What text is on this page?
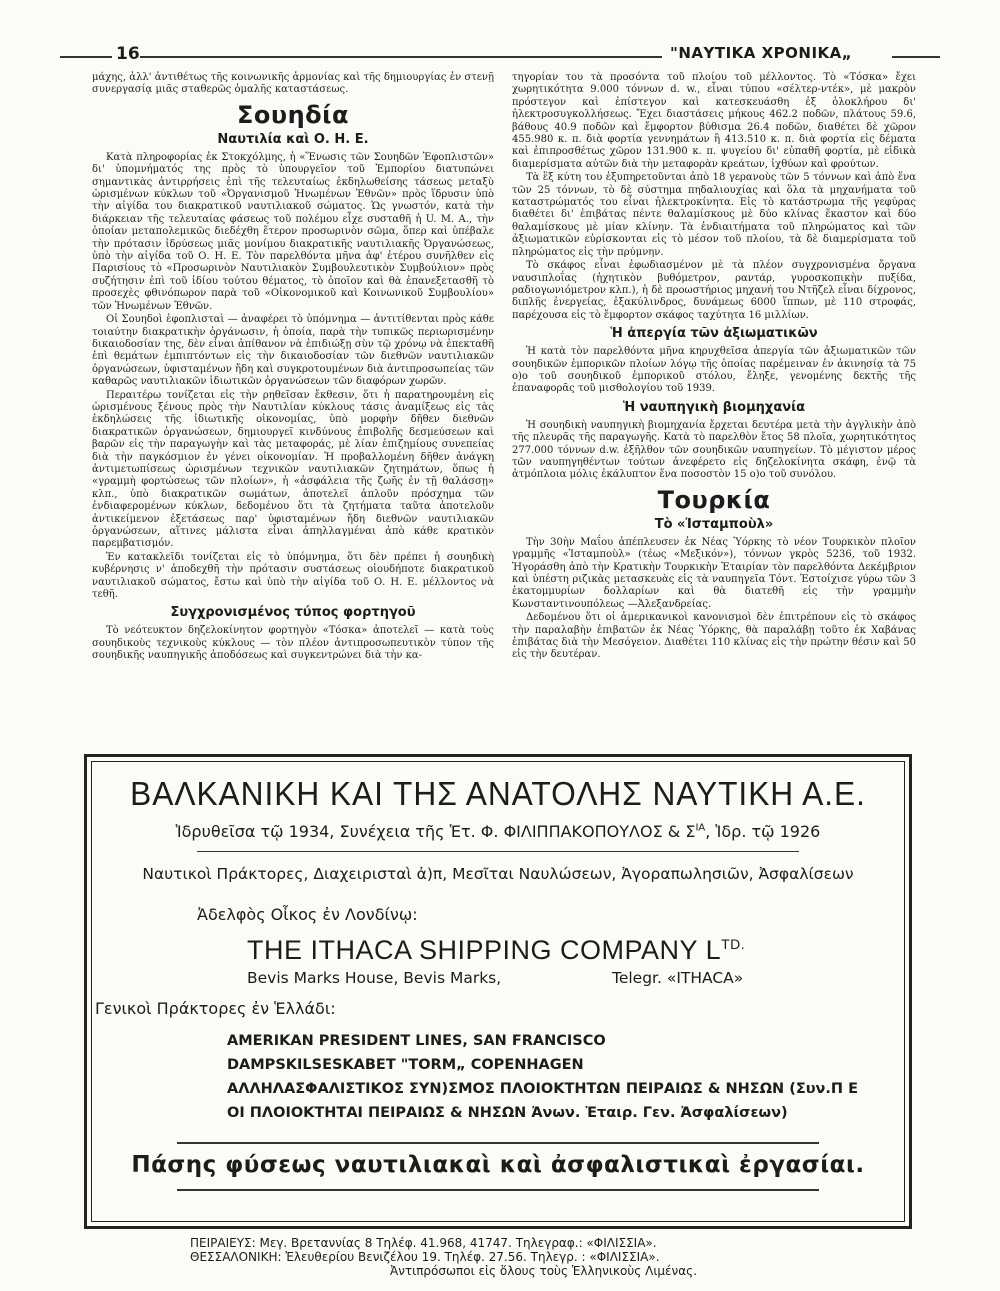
16	"ΝΑΥΤΙΚΑ ΧΡΟΝΙΚΑ„

μάχης, ἀλλ' ἀντιθέτως τῆς κοινωνικῆς ἁρμονίας καὶ τῆς δημιουργίας ἐν στενῇ συνεργασίᾳ μιᾶς σταθερῶς ὁμαλῆς καταστάσεως.

Σουηδία
Ναυτιλία καὶ Ο. Η. Ε.

Κατὰ πληροφορίας ἐκ Στοκχόλμης, ἡ «Ἕνωσις τῶν Σουηδῶν Ἐφοπλιστῶν» δι' ὑπομνήματός της πρὸς τὸ ὑπουργεῖον τοῦ Ἐμπορίου διατυπώνει σημαντικὰς ἀντιρρήσεις ἐπὶ τῆς τελευταίως ἐκδηλωθείσης τάσεως μεταξὺ ὡρισμένων κύκλων τοῦ «Ὀργανισμοῦ Ἡνωμένων Ἐθνῶν» πρὸς ἵδρυσιν ὑπὸ τὴν αἰγίδα του διακρατικοῦ ναυτιλιακοῦ σώματος. Ὡς γνωστόν, κατὰ τὴν διάρκειαν τῆς τελευταίας φάσεως τοῦ πολέμου εἶχε συσταθῆ ἡ U. M. A., τὴν ὁποίαν μεταπολεμικῶς διεδέχθη ἕτερον προσωρινὸν σῶμα, ὅπερ καὶ ὑπέβαλε τὴν πρότασιν ἱδρύσεως μιᾶς μονίμου διακρατικῆς ναυτιλιακῆς Ὀργανώσεως, ὑπὸ τὴν αἰγίδα τοῦ Ο. Η. Ε. Τὸν παρελθόντα μῆνα ἀφ' ἑτέρου συνῆλθεν εἰς Παρισίους τὸ «Προσωρινὸν Ναυτιλιακὸν Συμβουλευτικὸν Συμβούλιον» πρὸς συζήτησιν ἐπὶ τοῦ ἰδίου τούτου θέματος, τὸ ὁποῖον καὶ θὰ ἐπανεξετασθῆ τὸ προσεχὲς φθινόπωρον παρὰ τοῦ «Οἰκονομικοῦ καὶ Κοινωνικοῦ Συμβουλίου» τῶν Ἡνωμένων Ἐθνῶν.

Οἱ Σουηδοὶ ἐφοπλισταὶ — ἀναφέρει τὸ ὑπόμνημα — ἀντιτίθενται πρὸς κάθε τοιαύτην διακρατικὴν ὀργάνωσιν, ἡ ὁποία, παρὰ τὴν τυπικῶς περιωρισμένην δικαιοδοσίαν της, δὲν εἶναι ἀπίθανον νὰ ἐπιδιώξῃ σὺν τῷ χρόνῳ νὰ ἐπεκταθῆ ἐπὶ θεμάτων ἐμπιπτόντων εἰς τὴν δικαιοδοσίαν τῶν διεθνῶν ναυτιλιακῶν ὀργανώσεων, ὑφισταμένων ἤδη καὶ συγκροτουμένων διὰ ἀντιπροσωπείας τῶν καθαρῶς ναυτιλιακῶν ἰδιωτικῶν ὀργανώσεων τῶν διαφόρων χωρῶν.

Περαιτέρω τονίζεται εἰς τὴν ρηθεῖσαν ἔκθεσιν, ὅτι ἡ παρατηρουμένη εἰς ὡρισμένους ξένους πρὸς τὴν Ναυτιλίαν κύκλους τάσις ἀναμίξεως εἰς τὰς ἐκδηλώσεις τῆς ἰδιωτικῆς οἰκονομίας, ὑπὸ μορφὴν δῆθεν διεθνῶν διακρατικῶν ὀργανώσεων, δημιουργεῖ κινδύνους ἐπιβολῆς δεσμεύσεων καὶ βαρῶν εἰς τὴν παραγωγὴν καὶ τὰς μεταφοράς, μὲ λίαν ἐπιζημίους συνεπείας διὰ τὴν παγκόσμιον ἐν γένει οἰκονομίαν. Ἡ προβαλλομένη δῆθεν ἀνάγκη ἀντιμετωπίσεως ὡρισμένων τεχνικῶν ναυτιλιακῶν ζητημάτων, ὅπως ἡ «γραμμὴ φορτώσεως τῶν πλοίων», ἡ «ἀσφάλεια τῆς ζωῆς ἐν τῇ θαλάσσῃ» κλπ., ὑπὸ διακρατικῶν σωμάτων, ἀποτελεῖ ἁπλοῦν πρόσχημα τῶν ἐνδιαφερομένων κύκλων, δεδομένου ὅτι τὰ ζητήματα ταῦτα ἀποτελοῦν ἀντικείμενον ἐξετάσεως παρ' ὑφισταμένων ἤδη διεθνῶν ναυτιλιακῶν ὀργανώσεων, αἵτινες μάλιστα εἶναι ἀπηλλαγμέναι ἀπὸ κάθε κρατικὸν παρεμβατισμόν.

Ἐν κατακλεῖδι τονίζεται εἰς τὸ ὑπόμνημα, ὅτι δὲν πρέπει ἡ σουηδικὴ κυβέρνησις ν' ἀποδεχθῆ τὴν πρότασιν συστάσεως οἱουδήποτε διακρατικοῦ ναυτιλιακοῦ σώματος, ἔστω καὶ ὑπὸ τὴν αἰγίδα τοῦ Ο. Η. Ε. μέλλοντος νὰ τεθῆ.

Συγχρονισμένος τύπος φορτηγοῦ

Τὸ νεότευκτον δηζελοκίνητον φορτηγὸν «Τόσκα» ἀποτελεῖ — κατὰ τοὺς σουηδικοὺς τεχνικοὺς κύκλους — τὸν πλέον ἀντιπροσωπευτικὸν τύπον τῆς σουηδικῆς ναυπηγικῆς ἀποδόσεως καὶ συγκεντρώνει διὰ τὴν κα-

τηγορίαν του τὰ προσόντα τοῦ πλοίου τοῦ μέλλοντος. Τὸ «Τόσκα» ἔχει χωρητικότητα 9.000 τόννων d. w., εἶναι τύπου «σέλτερ-ντέκ», μὲ μακρὸν πρόστεγον καὶ ἐπίστεγον καὶ κατεσκευάσθη ἐξ ὁλοκλήρου δι' ἠλεκτροσυγκολλήσεως. Ἔχει διαστάσεις μήκους 462.2 ποδῶν, πλάτους 59.6, βάθους 40.9 ποδῶν καὶ ἔμφορτον βύθισμα 26.4 ποδῶν, διαθέτει δὲ χῶρον 455.980 κ. π. διὰ φορτία γεννημάτων ἢ 413.510 κ. π. διὰ φορτία εἰς δέματα καὶ ἐπιπροσθέτως χῶρον 131.900 κ. π. ψυγείου δι' εὐπαθῆ φορτία, μὲ εἰδικὰ διαμερίσματα αὐτῶν διὰ τὴν μεταφορὰν κρεάτων, ἰχθύων καὶ φρούτων.

Τὰ ἓξ κύτη του ἐξυπηρετοῦνται ἀπὸ 18 γερανοὺς τῶν 5 τόννων καὶ ἀπὸ ἕνα τῶν 25 τόννων, τὸ δὲ σύστημα πηδαλιουχίας καὶ ὅλα τὰ μηχανήματα τοῦ καταστρώματός του εἶναι ἠλεκτροκίνητα. Εἰς τὸ κατάστρωμα τῆς γεφύρας διαθέτει δι' ἐπιβάτας πέντε θαλαμίσκους μὲ δύο κλίνας ἕκαστον καὶ δύο θαλαμίσκους μὲ μίαν κλίνην. Τὰ ἐνδιαιτήματα τοῦ πληρώματος καὶ τῶν ἀξιωματικῶν εὑρίσκονται εἰς τὸ μέσον τοῦ πλοίου, τὰ δὲ διαμερίσματα τοῦ πληρώματος εἰς τὴν πρύμνην.

Τὸ σκάφος εἶναι ἐφωδιασμένον μὲ τὰ πλέον συγχρονισμένα ὄργανα ναυσιπλοΐας (ἠχητικὸν βυθόμετρον, ραντάρ, γυροσκοπικὴν πυξίδα, ραδιογωνιόμετρον κλπ.), ἡ δὲ προωστήριος μηχανή του Ντῆζελ εἶναι δίχρονος, διπλῆς ἐνεργείας, ἑξακύλινδρος, δυνάμεως 6000 ἵππων, μὲ 110 στροφάς, παρέχουσα εἰς τὸ ἔμφορτον σκάφος ταχύτητα 16 μιλλίων.

Ἡ ἀπεργία τῶν ἀξιωματικῶν

Ἡ κατὰ τὸν παρελθόντα μῆνα κηρυχθεῖσα ἀπεργία τῶν ἀξιωματικῶν τῶν σουηδικῶν ἐμπορικῶν πλοίων λόγῳ τῆς ὁποίας παρέμειναν ἐν ἀκινησίᾳ τὰ 75 ο)ο τοῦ σουηδικοῦ ἐμπορικοῦ στόλου, ἔληξε, γενομένης δεκτῆς τῆς ἐπαναφορᾶς τοῦ μισθολογίου τοῦ 1939.

Ἡ ναυπηγικὴ βιομηχανία

Ἡ σουηδικὴ ναυπηγικὴ βιομηχανία ἔρχεται δευτέρα μετὰ τὴν ἀγγλικὴν ἀπὸ τῆς πλευρᾶς τῆς παραγωγῆς. Κατὰ τὸ παρελθὸν ἔτος 58 πλοῖα, χωρητικότητος 277.000 τόννων d.w. ἐξῆλθον τῶν σουηδικῶν ναυπηγείων. Τὸ μέγιστον μέρος τῶν ναυπηγηθέντων τούτων ἀνεφέρετο εἰς δηζελοκίνητα σκάφη, ἐνῷ τὰ ἀτμόπλοια μόλις ἐκάλυπτον ἕνα ποσοστὸν 15 ο)ο τοῦ συνόλου.

Τουρκία
Τὸ «Ἰσταμποὺλ»

Τὴν 30ὴν Μαΐου ἀπέπλευσεν ἐκ Νέας Ὑόρκης τὸ νέον Τουρκικὸν πλοῖον γραμμῆς «Ἰσταμποὺλ» (τέως «Μεξικόν»), τόννων γκρὸς 5236, τοῦ 1932. Ἠγοράσθη ἀπὸ τὴν Κρατικὴν Τουρκικὴν Ἑταιρίαν τὸν παρελθόντα Δεκέμβριον καὶ ὑπέστη ριζικὰς μετασκευὰς εἰς τὰ ναυπηγεῖα Τόντ. Ἐστοίχισε γύρω τῶν 3 ἑκατομμυρίων δολλαρίων καὶ θὰ διατεθῆ εἰς τὴν γραμμὴν Κωνσταντινουπόλεως —Ἀλεξανδρείας.

Δεδομένου ὅτι οἱ ἀμερικανικοὶ κανονισμοὶ δὲν ἐπιτρέπουν εἰς τὸ σκάφος τὴν παραλαβὴν ἐπιβατῶν ἐκ Νέας Ὑόρκης, θὰ παραλάβῃ τοῦτο ἐκ Χαβάνας ἐπιβάτας διὰ τὴν Μεσόγειον. Διαθέτει 110 κλίνας εἰς τὴν πρώτην θέσιν καὶ 50 εἰς τὴν δευτέραν.

ΒΑΛΚΑΝΙΚΗ ΚΑΙ ΤΗΣ ΑΝΑΤΟΛΗΣ ΝΑΥΤΙΚΗ Α.Ε.
Ἱδρυθεῖσα τῷ 1934, Συνέχεια τῆς Ἑτ. Φ. ΦΙΛΙΠΠΑΚΟΠΟΥΛΟΣ & $\Sigma^{IA}$, Ἱδρ. τῷ 1926
Ναυτικοὶ Πράκτορες, Διαχειρισταὶ ἀ)π, Μεσῖται Ναυλώσεων, Ἀγοραπωλησιῶν, Ἀσφαλίσεων
Ἀδελφὸς Οἶκος ἐν Λονδίνῳ:
THE ITHACA SHIPPING COMPANY $L^{TD.}$
Bevis Marks House, Bevis Marks,	Telegr. «ITHACA»
Γενικοὶ Πράκτορες ἐν Ἑλλάδι:
AMERIKAN PRESIDENT LINES, SAN FRANCISCO
DAMPSKILSESKABET "TORM„ COPENHAGEN
ΑΛΛΗΛΑΣΦΑΛΙΣΤΙΚΟΣ ΣΥΝ)ΣΜΟΣ ΠΛΟΙΟΚΤΗΤΩΝ ΠΕΙΡΑΙΩΣ & ΝΗΣΩΝ (Συν.Π Ε
ΟΙ ΠΛΟΙΟΚΤΗΤΑΙ ΠΕΙΡΑΙΩΣ & ΝΗΣΩΝ Ἀνων. Ἑταιρ. Γεν. Ἀσφαλίσεων)
Πάσης φύσεως ναυτιλιακαὶ καὶ ἀσφαλιστικαὶ ἐργασίαι.
ΠΕΙΡΑΙΕΥΣ: Μεγ. Βρεταννίας 8 Τηλέφ. 41.968, 41747. Τηλεγραφ.: «ΦΙΛΙΣΣΙΑ».
ΘΕΣΣΑΛΟΝΙΚΗ: Ἐλευθερίου Βενιζέλου 19. Τηλέφ. 27.56. Τηλεγρ. : «ΦΙΛΙΣΣΙΑ».
Ἀντιπρόσωποι εἰς ὅλους τοὺς Ἑλληνικοὺς Λιμένας.
